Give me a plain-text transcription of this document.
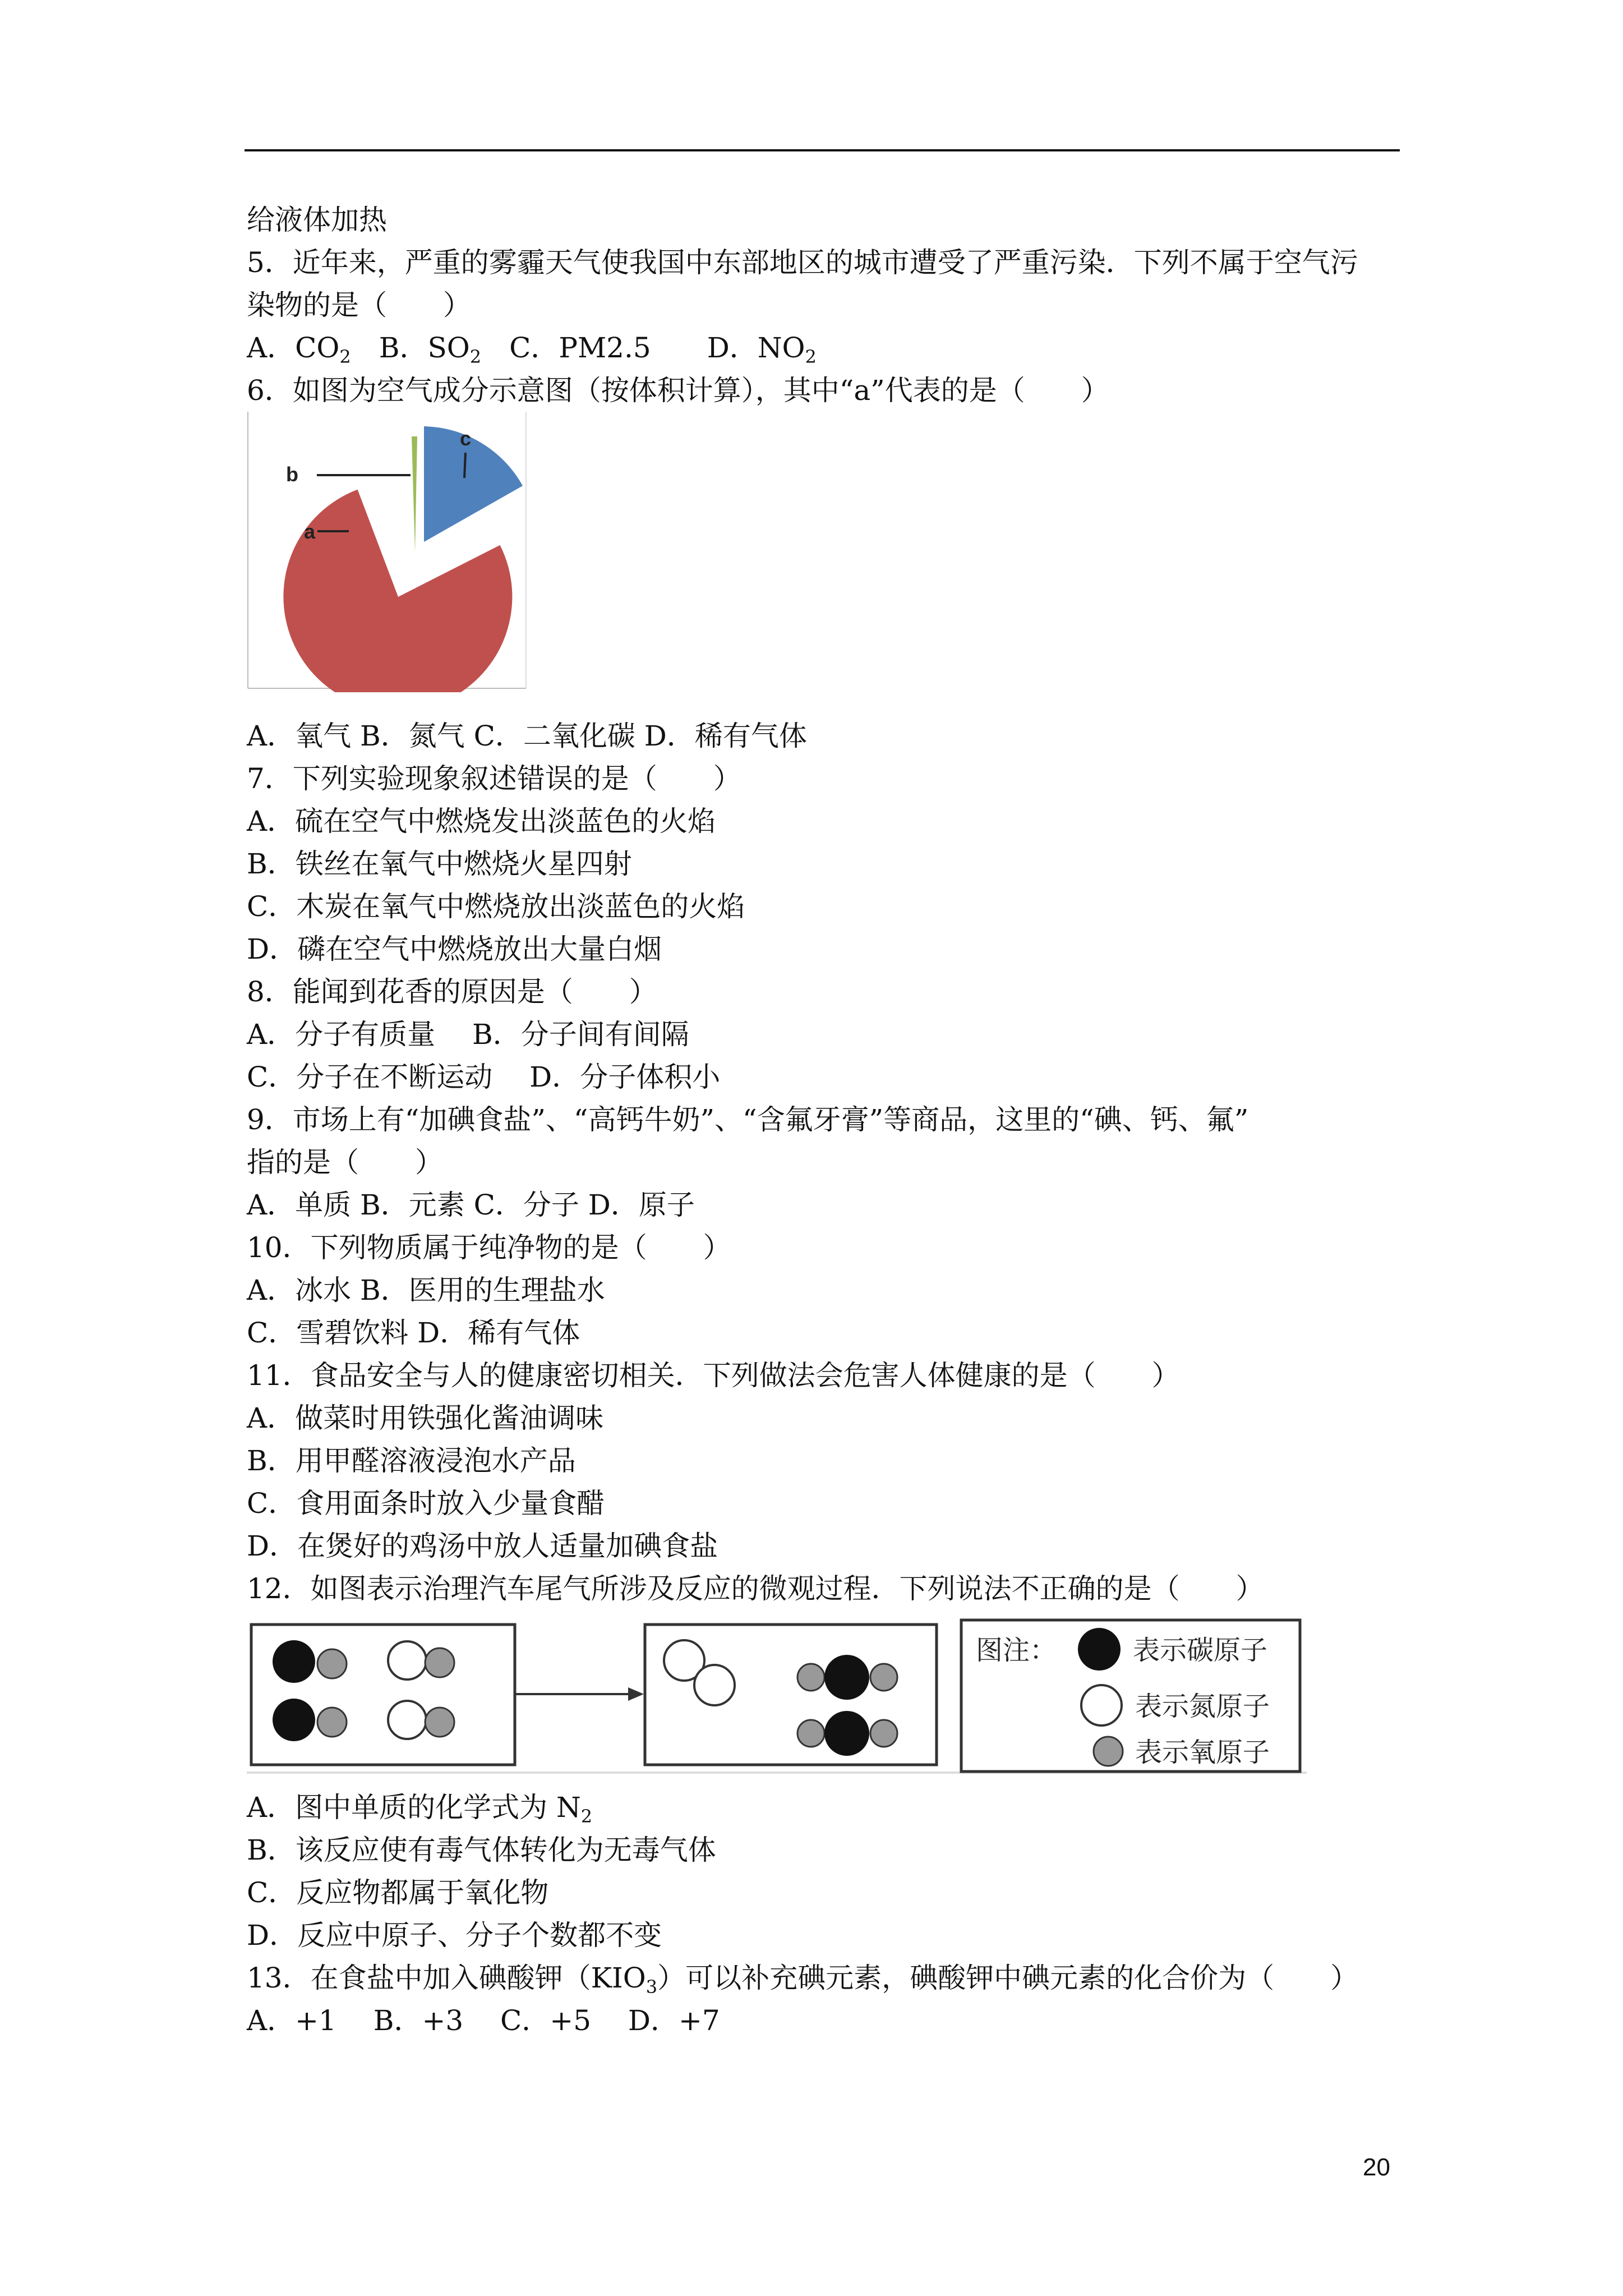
给液体加热
5．近年来，严重的雾霾天气使我国中东部地区的城市遭受了严重污染．下列不属于空气污
染物的是（　　）
A．$CO_2$　B．$SO_2$　C．PM2.5　　D．$NO_2$
6．如图为空气成分示意图（按体积计算），其中“a”代表的是（　　）
a
b
c
A．氧气 B．氮气 C．二氧化碳 D．稀有气体
7．下列实验现象叙述错误的是（　　）
A．硫在空气中燃烧发出淡蓝色的火焰
B．铁丝在氧气中燃烧火星四射
C．木炭在氧气中燃烧放出淡蓝色的火焰
D．磷在空气中燃烧放出大量白烟
8．能闻到花香的原因是（　　）
A．分子有质量　 B．分子间有间隔
C．分子在不断运动　 D．分子体积小
9．市场上有“加碘食盐”、“高钙牛奶”、“含氟牙膏”等商品，这里的“碘、钙、氟”
指的是（　　）
A．单质 B．元素 C．分子 D．原子
10．下列物质属于纯净物的是（　　）
A．冰水 B．医用的生理盐水
C．雪碧饮料 D．稀有气体
11．食品安全与人的健康密切相关．下列做法会危害人体健康的是（　　）
A．做菜时用铁强化酱油调味
B．用甲醛溶液浸泡水产品
C．食用面条时放入少量食醋
D．在煲好的鸡汤中放人适量加碘食盐
12．如图表示治理汽车尾气所涉及反应的微观过程．下列说法不正确的是（　　）
图注：	表示碳原子
表示氮原子
表示氧原子
A．图中单质的化学式为 $N_2$
B．该反应使有毒气体转化为无毒气体
C．反应物都属于氧化物
D．反应中原子、分子个数都不变
13．在食盐中加入碘酸钾$(KIO_3)$可以补充碘元素，碘酸钾中碘元素的化合价为（　　）
A．+1　 B．+3　 C．+5　 D．+7
20
